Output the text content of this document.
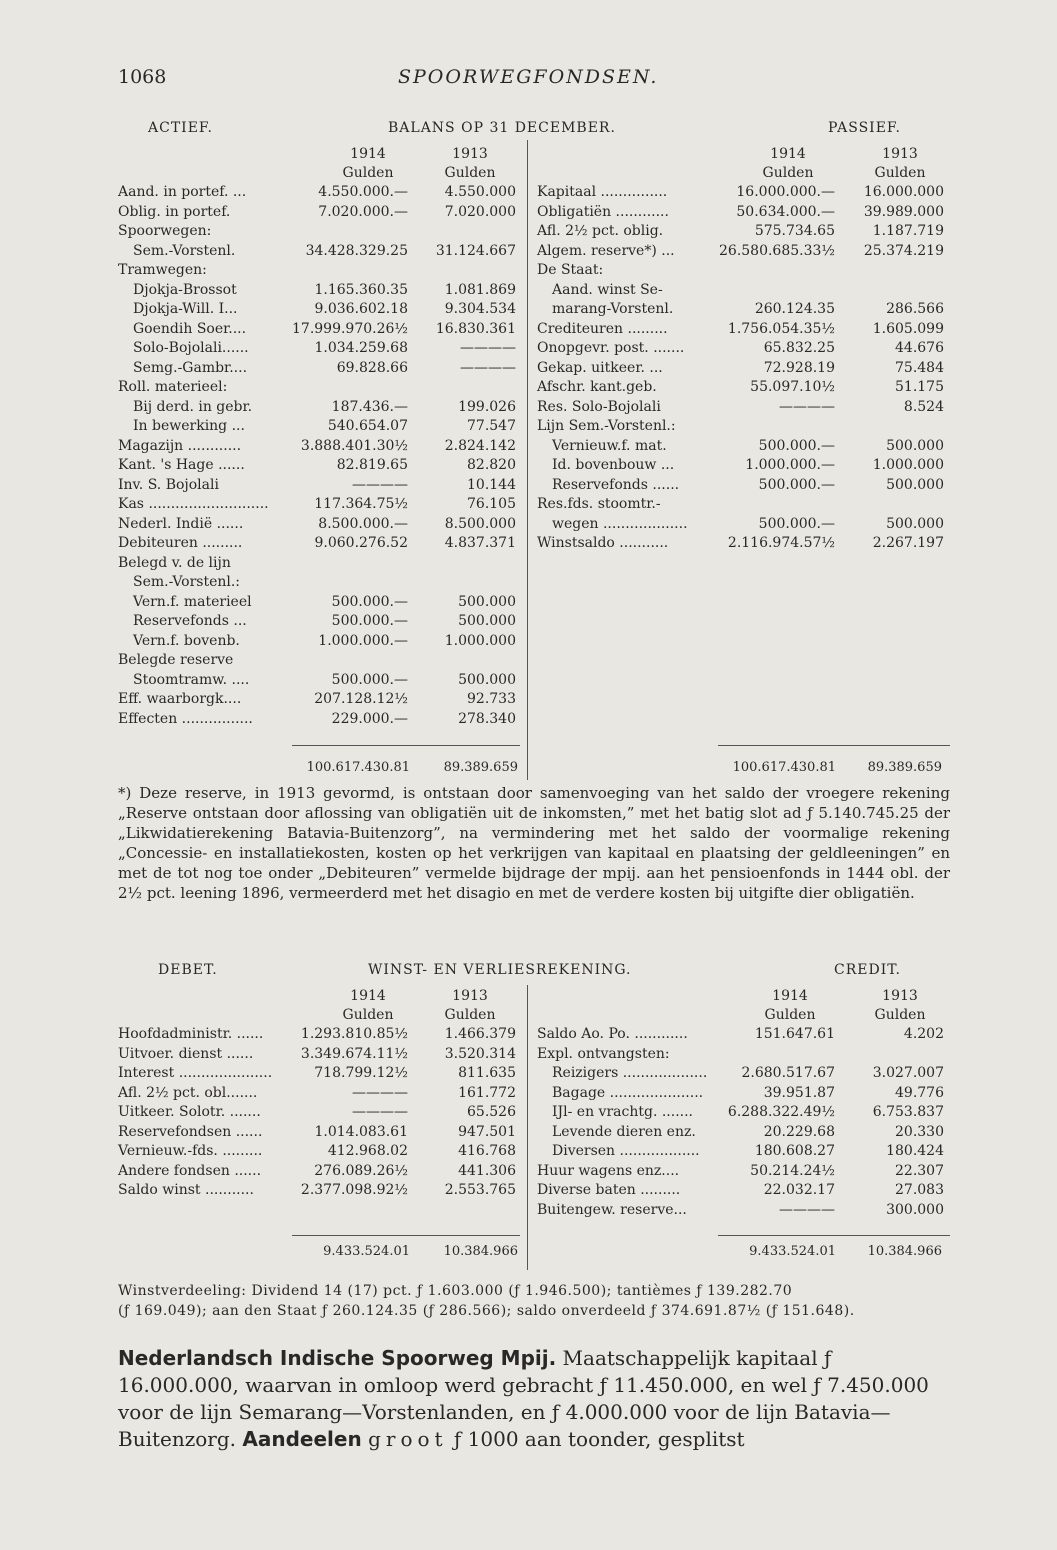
1068	SPOORWEGFONDSEN.
ACTIEF.	BALANS OP 31 DECEMBER.	PASSIEF.
1914
Gulden
1913
Gulden
1914
Gulden
1913
Gulden
Aand. in portef. ...	4.550.000.—	4.550.000
Oblig. in portef.	7.020.000.—	7.020.000
Spoorwegen:
Sem.-Vorstenl.	34.428.329.25 31.124.667
Tramwegen:
Djokja-Brossot	1.165.360.35	1.081.869
Djokja-Will. I...	9.036.602.18	9.304.534
Goendih Soer....	17.999.970.26½ 16.830.361
Solo-Bojolali......	1.034.259.68	————
Semg.-Gambr....	69.828.66	————
Roll. materieel:
Bij derd. in gebr.	187.436.—	199.026
In bewerking ...	540.654.07	77.547
Magazijn ............	3.888.401.30½	2.824.142
Kant. 's Hage ......	82.819.65	82.820
Inv. S. Bojolali	————	10.144
Kas ...........................	117.364.75½	76.105
Nederl. Indië ......	8.500.000.—	8.500.000
Debiteuren .........	9.060.276.52	4.837.371
Belegd v. de lijn
Sem.-Vorstenl.:
Vern.f. materieel	500.000.—	500.000
Reservefonds ...	500.000.—	500.000
Vern.f. bovenb.	1.000.000.—	1.000.000
Belegde reserve
Stoomtramw. ....	500.000.—	500.000
Eff. waarborgk....	207.128.12½	92.733
Effecten ................	229.000.—	278.340
Kapitaal ...............	16.000.000.— 16.000.000
Obligatiën ............	50.634.000.— 39.989.000
Afl. 2½ pct. oblig.	575.734.65	1.187.719
Algem. reserve*) ...	26.580.685.33½ 25.374.219
De Staat:
Aand. winst Se-
marang-Vorstenl.	260.124.35	286.566
Crediteuren .........	1.756.054.35½	1.605.099
Onopgevr. post. .......	65.832.25	44.676
Gekap. uitkeer. ...	72.928.19	75.484
Afschr. kant.geb.	55.097.10½	51.175
Res. Solo-Bojolali	————	8.524
Lijn Sem.-Vorstenl.:
Vernieuw.f. mat.	500.000.—	500.000
Id. bovenbouw ...	1.000.000.—	1.000.000
Reservefonds ......	500.000.—	500.000
Res.fds. stoomtr.-
wegen ...................	500.000.—	500.000
Winstsaldo ...........	2.116.974.57½	2.267.197
100.617.430.81	89.389.659	100.617.430.81	89.389.659

*) Deze reserve, in 1913 gevormd, is ontstaan door samenvoeging van het saldo der vroegere rekening „Reserve ontstaan door aflossing van obligatiën uit de inkomsten,” met het batig slot ad ƒ 5.140.745.25 der „Likwidatierekening Batavia-Buitenzorg”, na vermindering met het saldo der voormalige rekening „Concessie- en installatiekosten, kosten op het verkrijgen van kapitaal en plaatsing der geldleeningen” en met de tot nog toe onder „Debiteuren” vermelde bijdrage der mpij. aan het pensioenfonds in 1444 obl. der 2½ pct. leening 1896, vermeerderd met het disagio en met de verdere kosten bij uitgifte dier obligatiën.

DEBET.	WINST- EN VERLIESREKENING.	CREDIT.
1914
Gulden
1913
Gulden
1914
Gulden
1913
Gulden
Hoofdadministr. ......	1.293.810.85½	1.466.379
Uitvoer. dienst ......	3.349.674.11½	3.520.314
Interest .....................	718.799.12½	811.635
Afl. 2½ pct. obl.......	————	161.772
Uitkeer. Solotr. .......	————	65.526
Reservefondsen ......	1.014.083.61	947.501
Vernieuw.-fds. .........	412.968.02	416.768
Andere fondsen ......	276.089.26½	441.306
Saldo winst ...........	2.377.098.92½	2.553.765
Saldo Ao. Po. ............	151.647.61	4.202
Expl. ontvangsten:
Reizigers ................... 2.680.517.67	3.027.007
Bagage .....................	39.951.87	49.776
IJl- en vrachtg. ....... 6.288.322.49½	6.753.837
Levende dieren enz.	20.229.68	20.330
Diversen ..................	180.608.27	180.424
Huur wagens enz....	50.214.24½	22.307
Diverse baten .........	22.032.17	27.083
Buitengew. reserve...	————	300.000
9.433.524.01	10.384.966	9.433.524.01	10.384.966

Winstverdeeling: Dividend 14 (17) pct. ƒ 1.603.000 (ƒ 1.946.500); tantièmes ƒ 139.282.70

(ƒ 169.049); aan den Staat ƒ 260.124.35 (ƒ 286.566); saldo onverdeeld ƒ 374.691.87½ (ƒ 151.648).

Nederlandsch Indische Spoorweg Mpij. Maatschappelijk kapitaal ƒ 16.000.000, waarvan in omloop werd gebracht ƒ 11.450.000, en wel ƒ 7.450.000 voor de lijn Semarang—Vorstenlanden, en ƒ 4.000.000 voor de lijn Batavia—Buitenzorg. Aandeelen groot ƒ 1000 aan toonder, gesplitst
